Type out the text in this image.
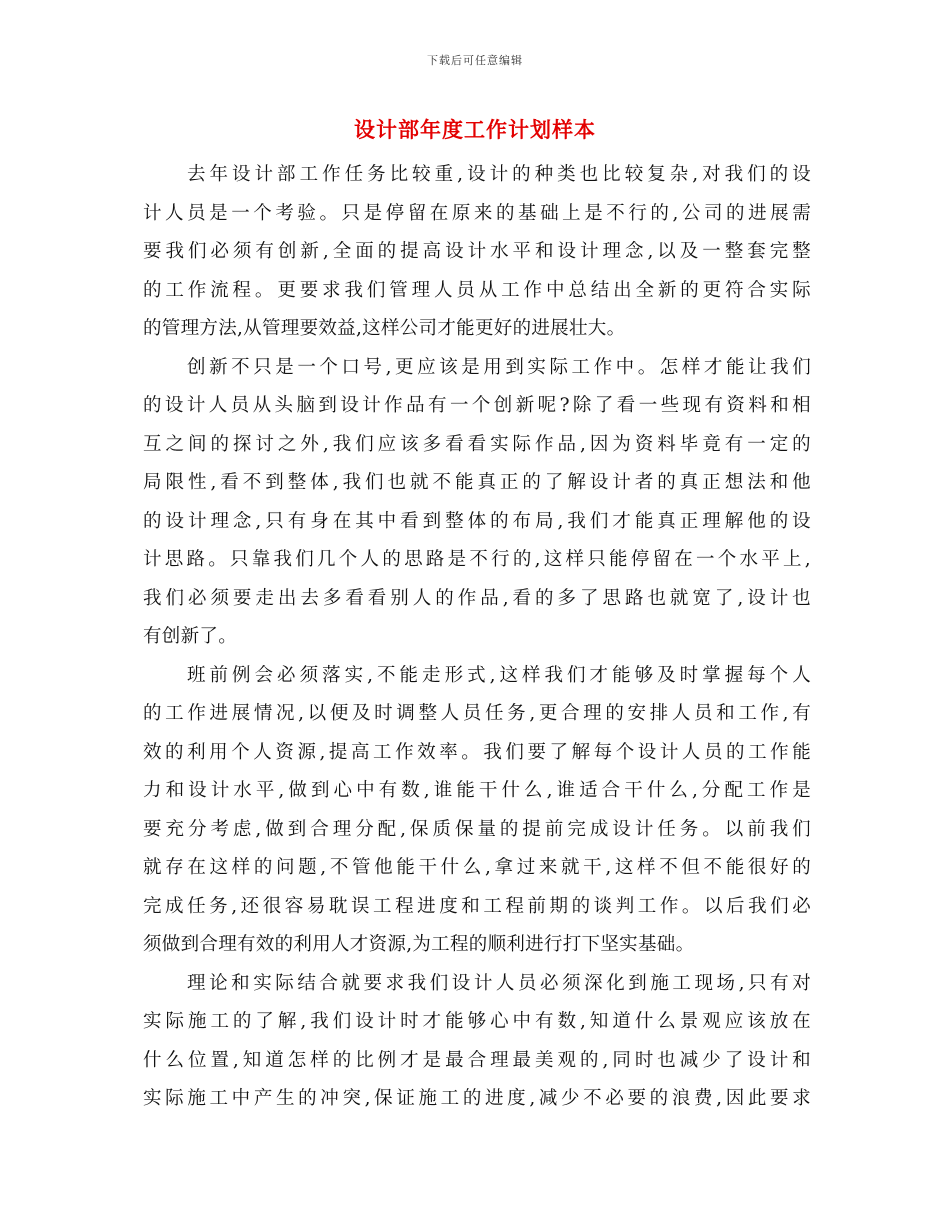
下载后可任意编辑
设计部年度工作计划样本
去年设计部工作任务比较重,设计的种类也比较复杂,对我们的设
计人员是一个考验。只是停留在原来的基础上是不行的,公司的进展需
要我们必须有创新,全面的提高设计水平和设计理念,以及一整套完整
的工作流程。更要求我们管理人员从工作中总结出全新的更符合实际
的管理方法,从管理要效益,这样公司才能更好的进展壮大。
创新不只是一个口号,更应该是用到实际工作中。怎样才能让我们
的设计人员从头脑到设计作品有一个创新呢?除了看一些现有资料和相
互之间的探讨之外,我们应该多看看实际作品,因为资料毕竟有一定的
局限性,看不到整体,我们也就不能真正的了解设计者的真正想法和他
的设计理念,只有身在其中看到整体的布局,我们才能真正理解他的设
计思路。只靠我们几个人的思路是不行的,这样只能停留在一个水平上,
我们必须要走出去多看看别人的作品,看的多了思路也就宽了,设计也
有创新了。
班前例会必须落实,不能走形式,这样我们才能够及时掌握每个人
的工作进展情况,以便及时调整人员任务,更合理的安排人员和工作,有
效的利用个人资源,提高工作效率。我们要了解每个设计人员的工作能
力和设计水平,做到心中有数,谁能干什么,谁适合干什么,分配工作是
要充分考虑,做到合理分配,保质保量的提前完成设计任务。以前我们
就存在这样的问题,不管他能干什么,拿过来就干,这样不但不能很好的
完成任务,还很容易耽误工程进度和工程前期的谈判工作。以后我们必
须做到合理有效的利用人才资源,为工程的顺利进行打下坚实基础。
理论和实际结合就要求我们设计人员必须深化到施工现场,只有对
实际施工的了解,我们设计时才能够心中有数,知道什么景观应该放在
什么位置,知道怎样的比例才是最合理最美观的,同时也减少了设计和
实际施工中产生的冲突,保证施工的进度,减少不必要的浪费,因此要求
